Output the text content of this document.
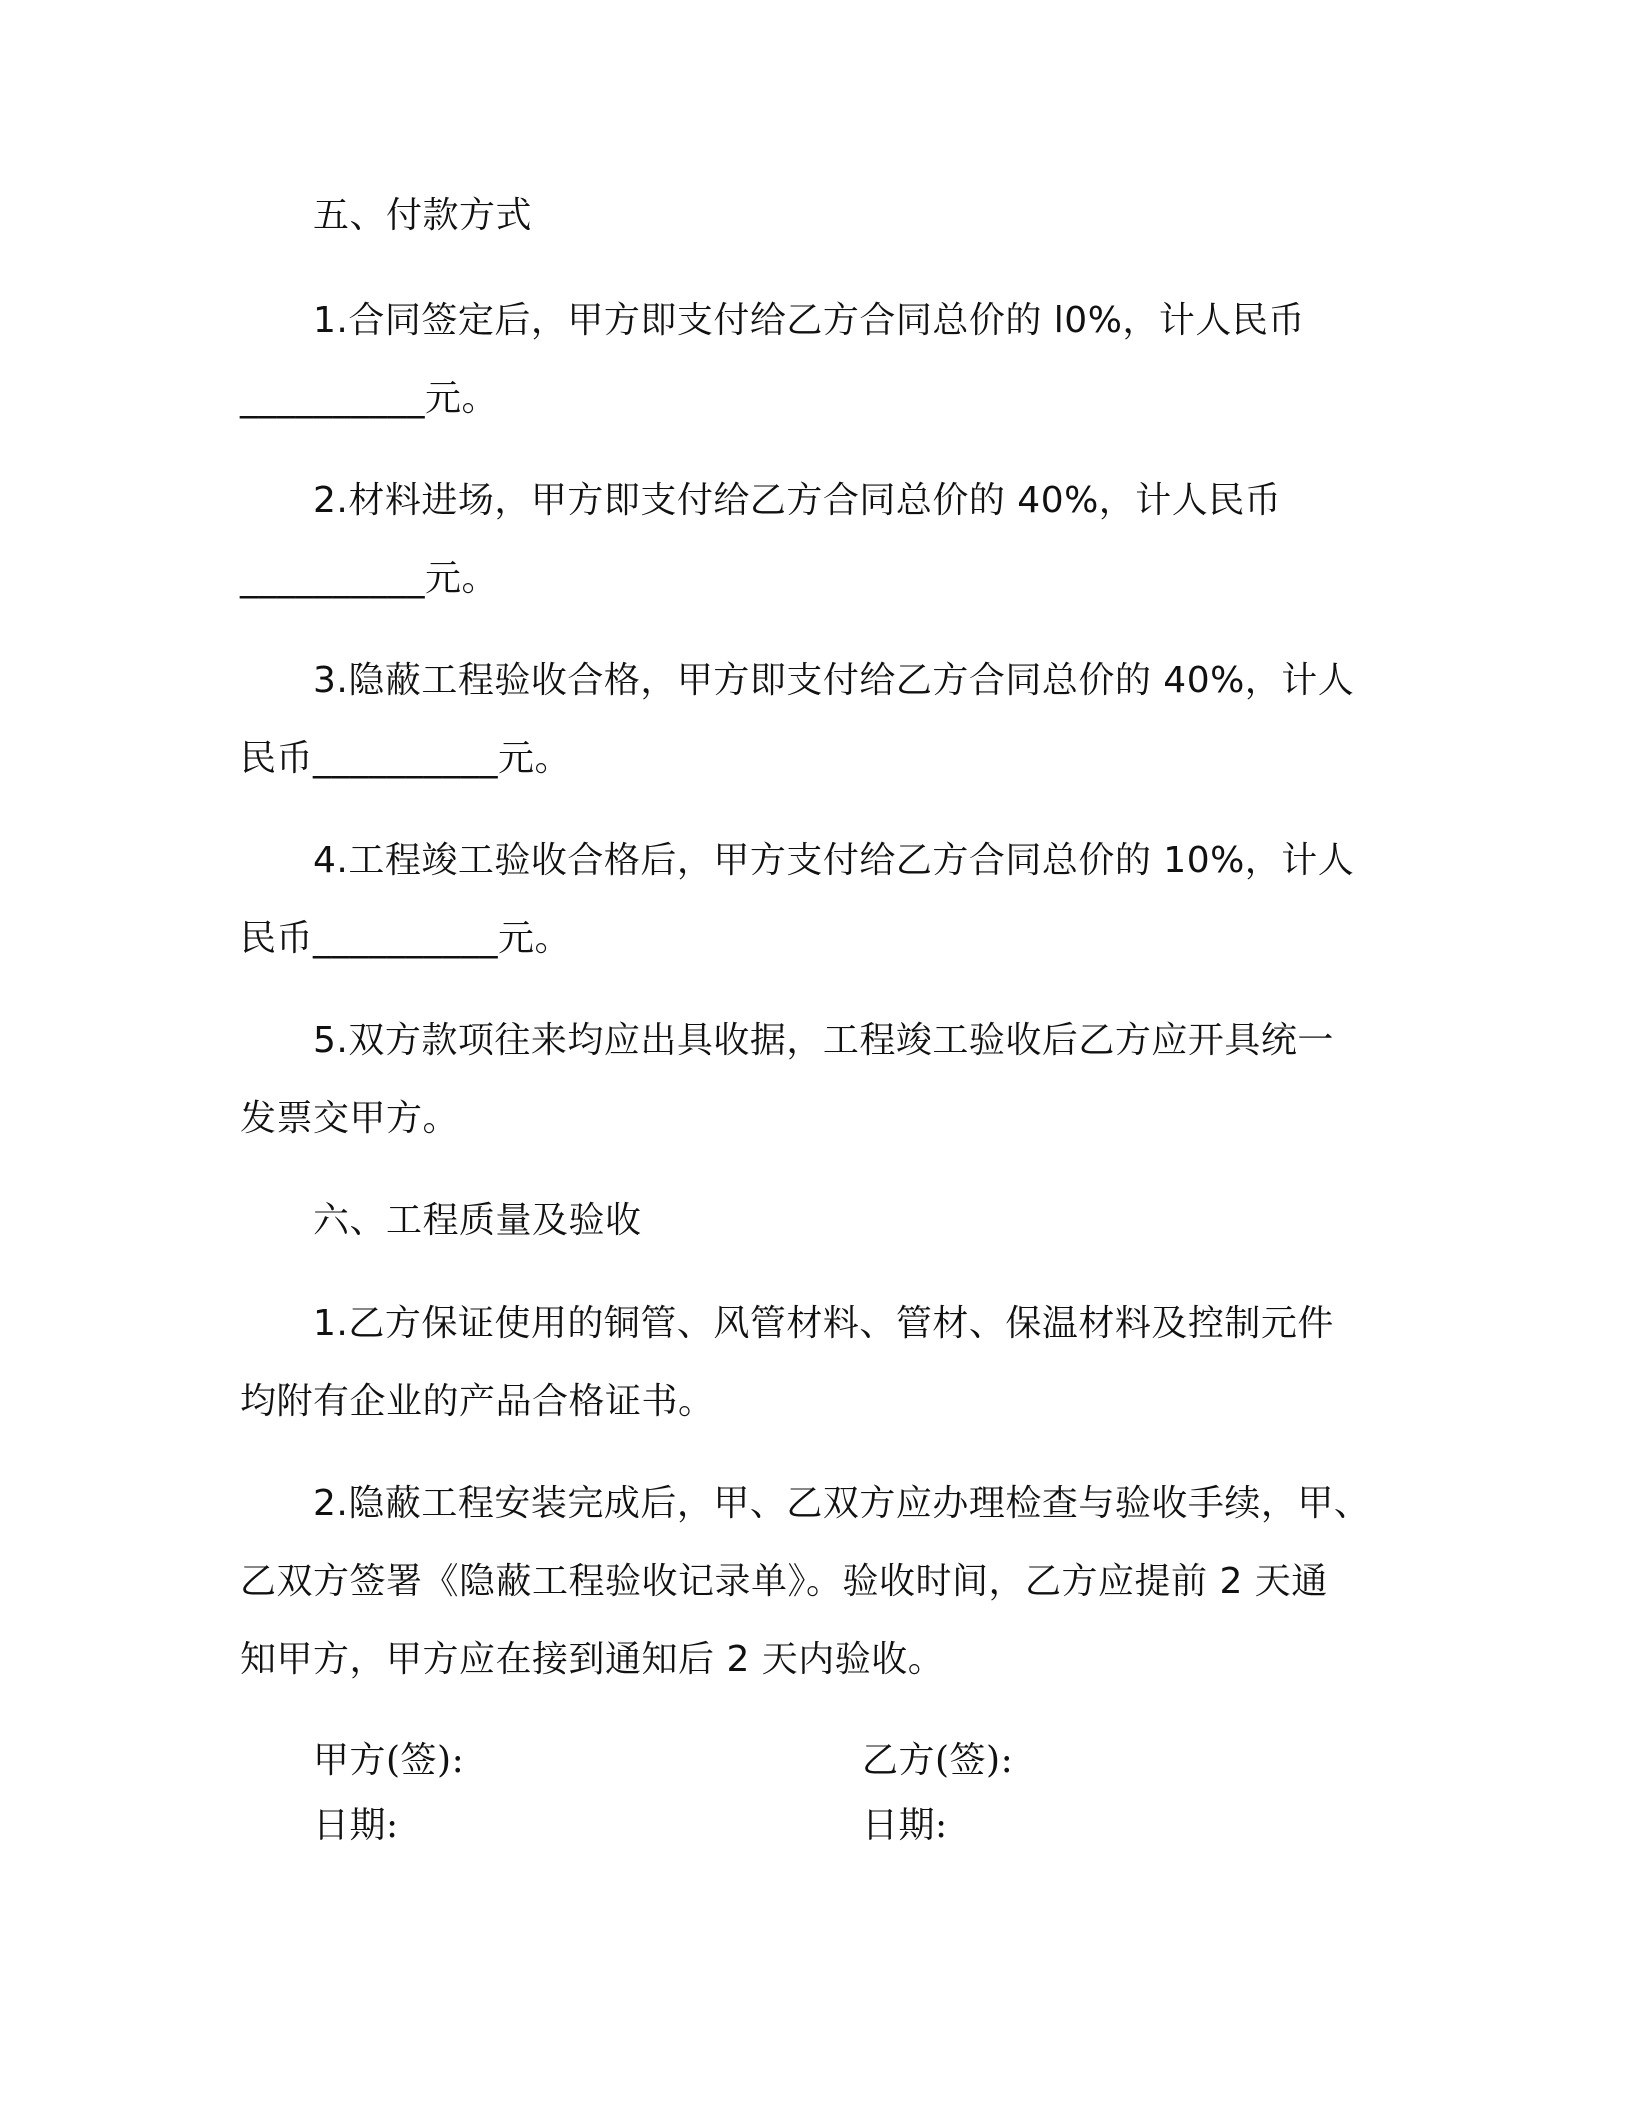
五、付款方式
1.合同签定后，甲方即支付给乙方合同总价的 l0%，计人民币
__________元。
2.材料进场，甲方即支付给乙方合同总价的 40%，计人民币
__________元。
3.隐蔽工程验收合格，甲方即支付给乙方合同总价的 40%，计人
民币__________元。
4.工程竣工验收合格后，甲方支付给乙方合同总价的 10%，计人
民币__________元。
5.双方款项往来均应出具收据，工程竣工验收后乙方应开具统一
发票交甲方。
六、工程质量及验收
1.乙方保证使用的铜管、风管材料、管材、保温材料及控制元件
均附有企业的产品合格证书。
2.隐蔽工程安装完成后，甲、乙双方应办理检查与验收手续，甲、
乙双方签署《隐蔽工程验收记录单》。验收时间，乙方应提前 2 天通
知甲方，甲方应在接到通知后 2 天内验收。
甲方(签):	乙方(签):
日期:	日期:
